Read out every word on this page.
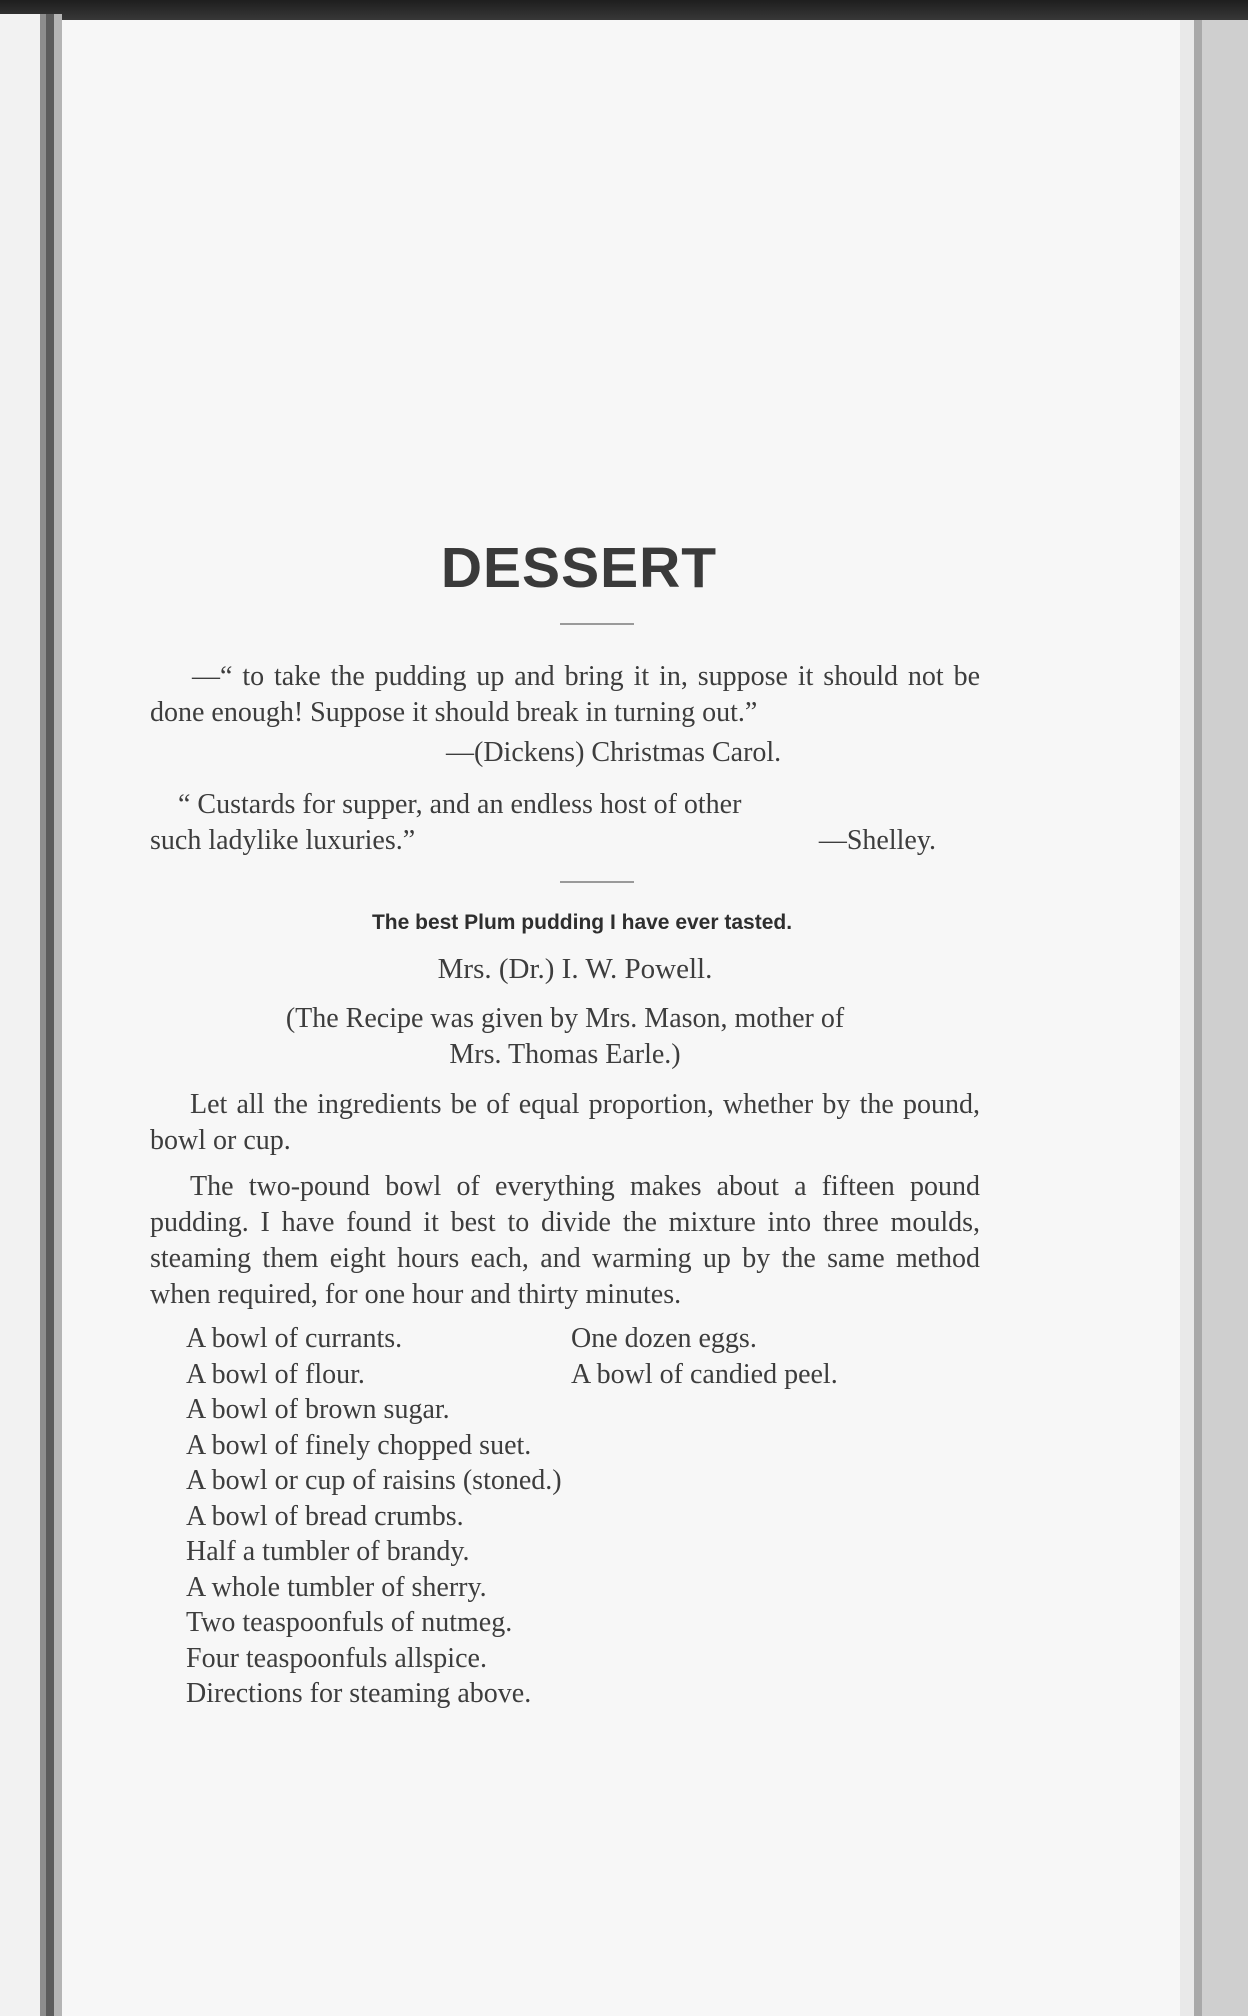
DESSERT

—“ to take the pudding up and bring it in, suppose it should not be done enough! Suppose it should break in turning out.”

—(Dickens) Christmas Carol.

“ Custards for supper, and an endless host of other

such ladylike luxuries.”	—Shelley.

The best Plum pudding I have ever tasted.

Mrs. (Dr.) I. W. Powell.

(The Recipe was given by Mrs. Mason, mother of
Mrs. Thomas Earle.)

Let all the ingredients be of equal proportion, whether by the pound, bowl or cup.

The two-pound bowl of everything makes about a fifteen pound pudding. I have found it best to divide the mixture into three moulds, steaming them eight hours each, and warming up by the same method when required, for one hour and thirty minutes.

A bowl of currants.
A bowl of flour.
A bowl of brown sugar.
A bowl of finely chopped suet.
A bowl or cup of raisins (stoned.)
A bowl of bread crumbs.
Half a tumbler of brandy.
A whole tumbler of sherry.
Two teaspoonfuls of nutmeg.
Four teaspoonfuls allspice.
Directions for steaming above.
One dozen eggs.
A bowl of candied peel.
